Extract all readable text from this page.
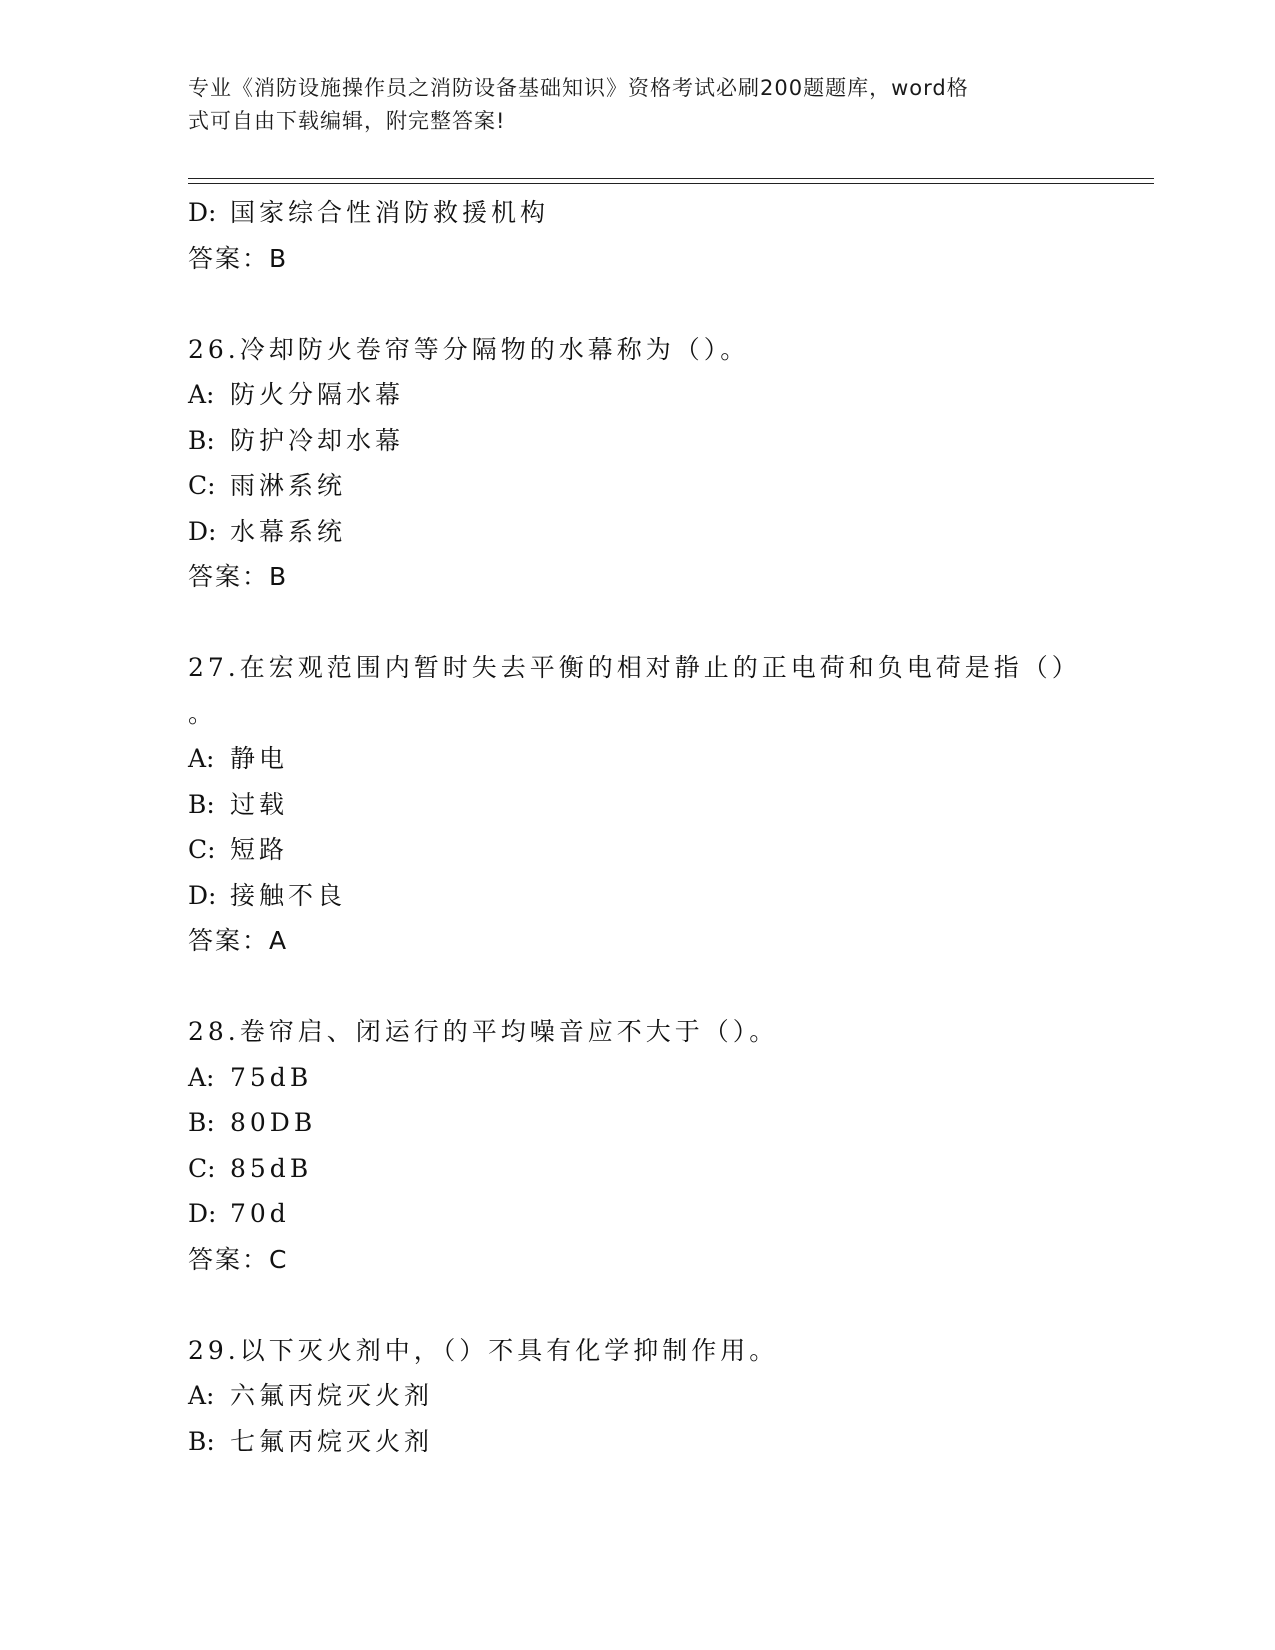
专业《消防设施操作员之消防设备基础知识》资格考试必刷200题题库，word格
式可自由下载编辑，附完整答案!
D: 国家综合性消防救援机构
答案：B
26.冷却防火卷帘等分隔物的水幕称为（）。
A: 防火分隔水幕
B: 防护冷却水幕
C: 雨淋系统
D: 水幕系统
答案：B
27.在宏观范围内暂时失去平衡的相对静止的正电荷和负电荷是指（）
。
A: 静电
B: 过载
C: 短路
D: 接触不良
答案：A
28.卷帘启、闭运行的平均噪音应不大于（）。
A: 75dB
B: 80DB
C: 85dB
D: 70d
答案：C
29.以下灭火剂中，（）不具有化学抑制作用。
A: 六氟丙烷灭火剂
B: 七氟丙烷灭火剂
